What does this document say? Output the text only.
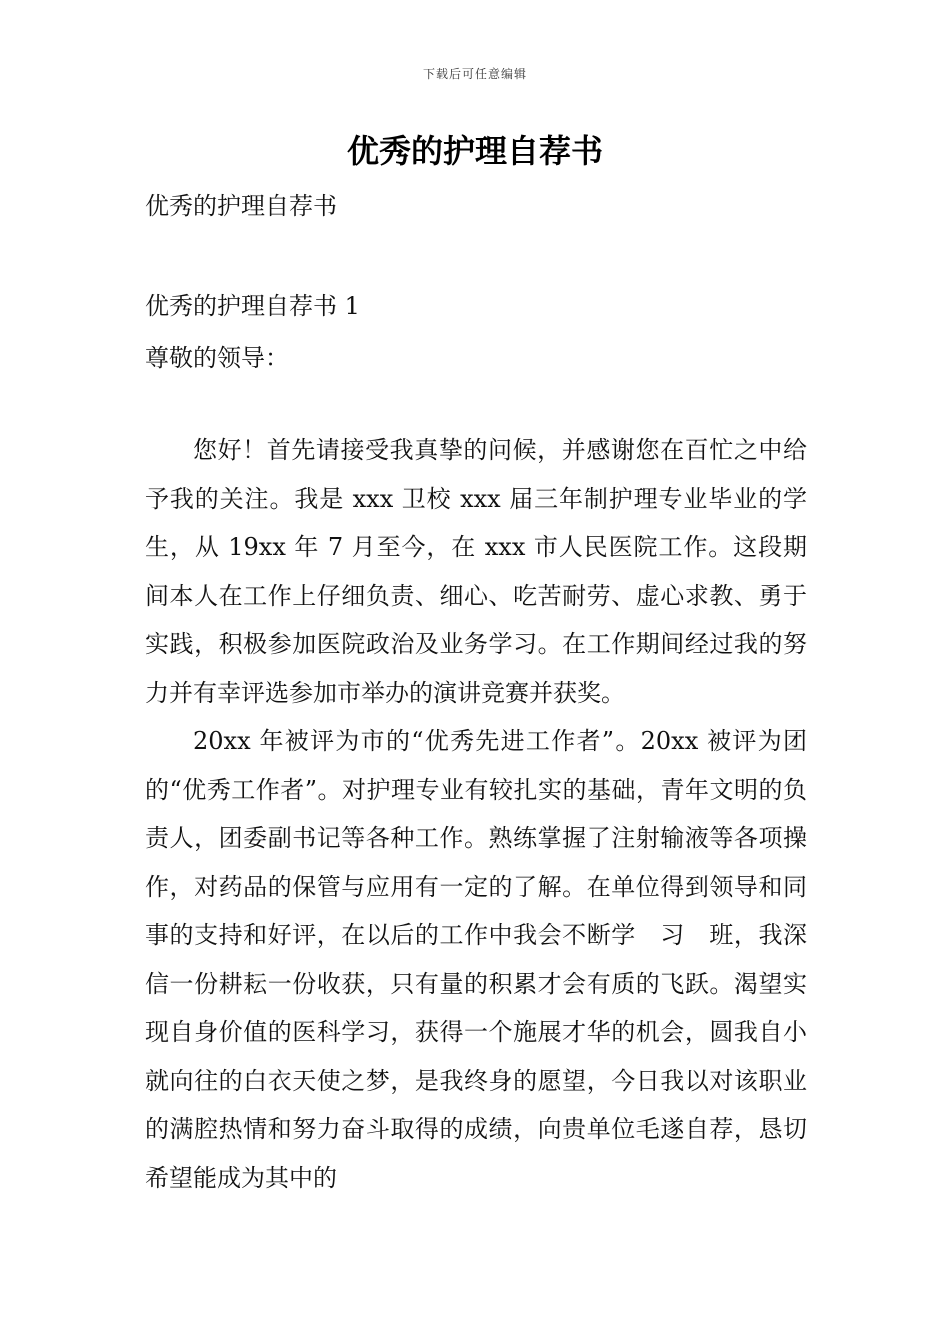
下载后可任意编辑
优秀的护理自荐书
优秀的护理自荐书
优秀的护理自荐书 1
尊敬的领导：

您好！首先请接受我真挚的问候，并感谢您在百忙之中给予我的关注。我是 xxx 卫校 xxx 届三年制护理专业毕业的学生，从 19xx 年 7 月至今，在 xxx 市人民医院工作。这段期间本人在工作上仔细负责、细心、吃苦耐劳、虚心求教、勇于实践，积极参加医院政治及业务学习。在工作期间经过我的努力并有幸评选参加市举办的演讲竞赛并获奖。

20xx 年被评为市的“优秀先进工作者”。20xx 被评为团的“优秀工作者”。对护理专业有较扎实的基础，青年文明的负责人，团委副书记等各种工作。熟练掌握了注射输液等各项操作，对药品的保管与应用有一定的了解。在单位得到领导和同事的支持和好评，在以后的工作中我会不断学　习　班，我深信一份耕耘一份收获，只有量的积累才会有质的飞跃。渴望实现自身价值的医科学习，获得一个施展才华的机会，圆我自小就向往的白衣天使之梦，是我终身的愿望，今日我以对该职业的满腔热情和努力奋斗取得的成绩，向贵单位毛遂自荐，恳切希望能成为其中的
